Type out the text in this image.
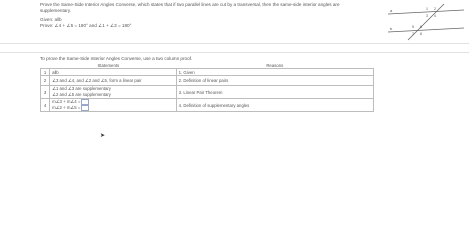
Prove the Same-Side Interior Angles Converse, which states that if two parallel lines are cut by a transversal, then the same-side interior angles are supplementary.
Given: a‖b
Prove: ∠4 + ∠5 = 180° and ∠1 + ∠3 = 180°
a
b
1 2
3 4
5 6
7 8
To prove the Same-Side Interior Angles Converse, use a two column proof.
Statements		Reasons
1	a‖b	1. Given
2	∠3 and ∠4, and ∠2 and ∠5, form a linear pair	2. Definition of linear pairs
3	∠1 and ∠3 are supplementary
∠2 and ∠5 are supplementary	3. Linear Pair Theorem
4	m∠3 + m∠4 =
m∠2 + m∠5 =	4. Definition of supplementary angles
➤
